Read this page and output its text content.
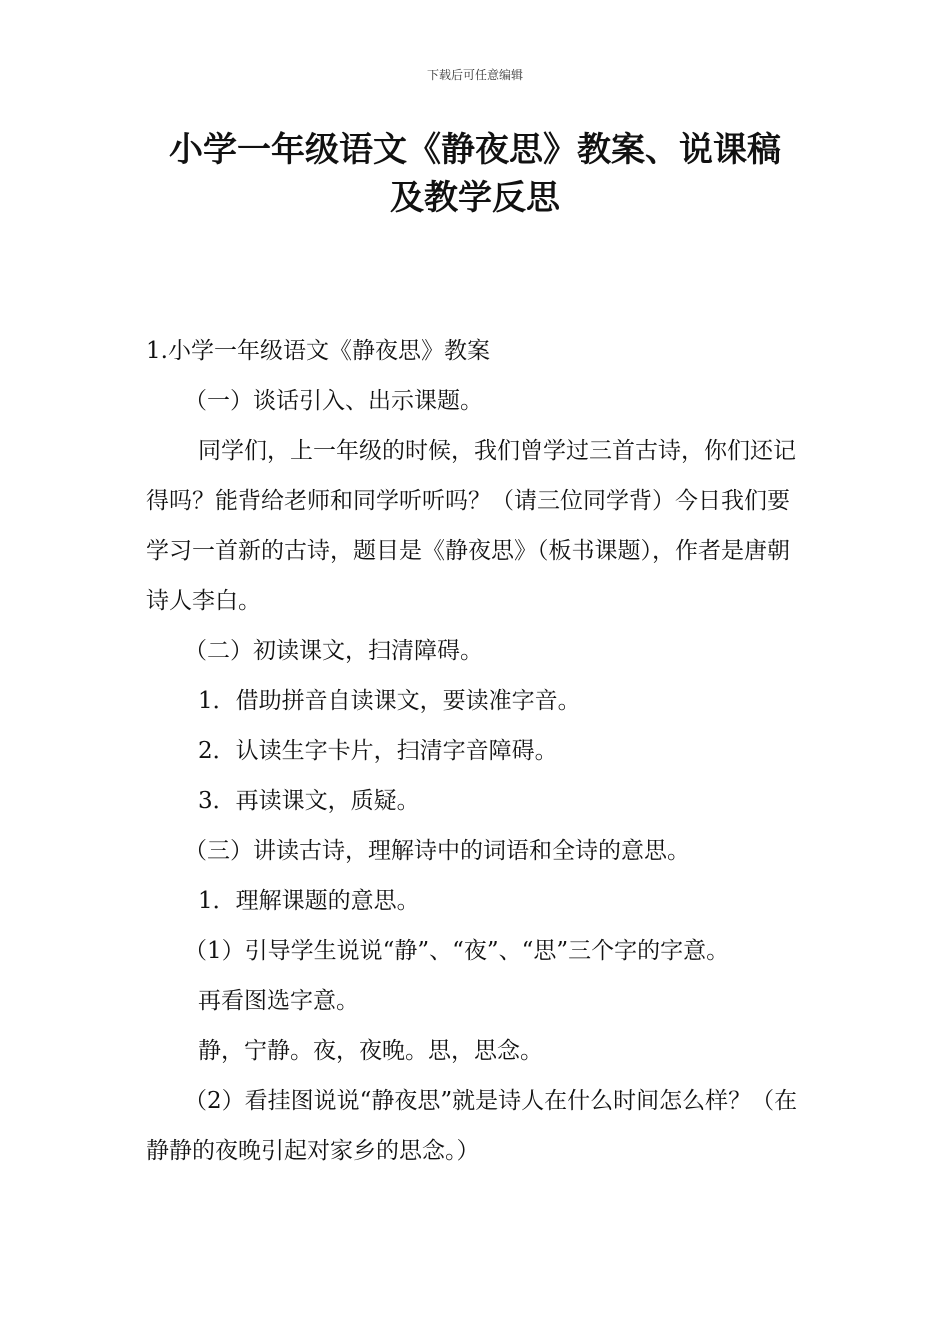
下载后可任意编辑
小学一年级语文《静夜思》教案、说课稿
及教学反思

1.小学一年级语文《静夜思》教案

（一）谈话引入、出示课题。

同学们，上一年级的时候，我们曾学过三首古诗，你们还记得吗？能背给老师和同学听听吗？（请三位同学背）今日我们要学习一首新的古诗，题目是《静夜思》（板书课题），作者是唐朝诗人李白。

（二）初读课文，扫清障碍。

1．借助拼音自读课文，要读准字音。

2．认读生字卡片，扫清字音障碍。

3．再读课文，质疑。

（三）讲读古诗，理解诗中的词语和全诗的意思。

1．理解课题的意思。

（1）引导学生说说“静”、“夜”、“思”三个字的字意。

再看图选字意。

静，宁静。夜，夜晚。思，思念。

（2）看挂图说说“静夜思”就是诗人在什么时间怎么样？（在静静的夜晚引起对家乡的思念。）
